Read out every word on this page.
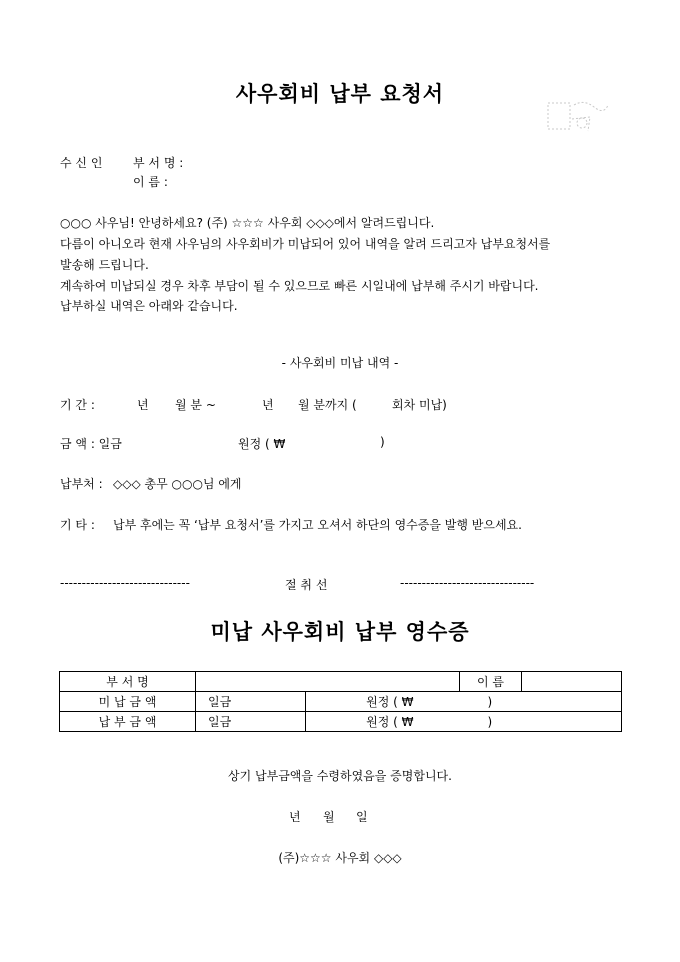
사우회비 납부 요청서
수 신 인	부 서 명 :
이 름 :
○○○ 사우님! 안녕하세요? (주) ☆☆☆ 사우회 ◇◇◇에서 알려드립니다.
다름이 아니오라 현재 사우님의 사우회비가 미납되어 있어 내역을 알려 드리고자 납부요청서를
발송해 드립니다.
계속하여 미납되실 경우 차후 부담이 될 수 있으므로 빠른 시일내에 납부해 주시기 바랍니다.
납부하실 내역은 아래와 같습니다.
- 사우회비 미납 내역 -
기 간 :	년 월 분 ~	년 월 분까지 (	회차 미납)
금 액 : 일금	원정 ( ₩	)
납부처 : ◇◇◇ 총무 ○○○님 에게
기 타 : 납부 후에는 꼭 ‘납부 요청서’를 가지고 오셔서 하단의 영수증을 발행 받으세요.
------------------------------	절 취 선	-------------------------------
미납 사우회비 납부 영수증
부 서 명				이 름	
미 납 금 액	일금	원정 ( ₩	)		
납 부 금 액	일금	원정 ( ₩	)		
상기 납부금액을 수령하였음을 증명합니다.
년 월 일
(주)☆☆☆ 사우회 ◇◇◇
